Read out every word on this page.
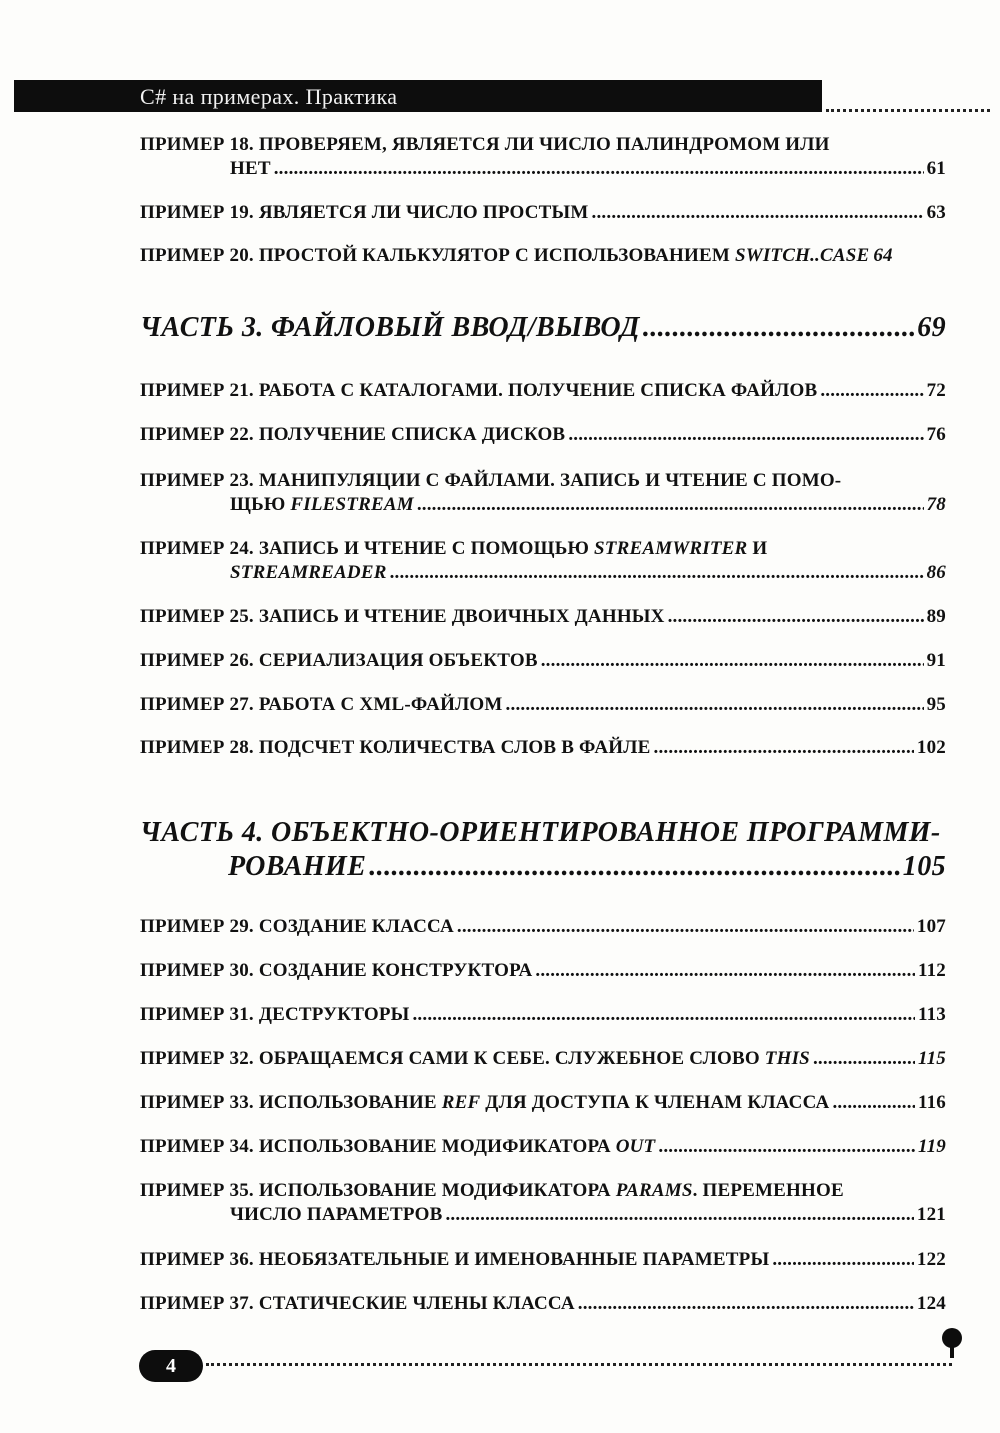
C# на примерах. Практика
ПРИМЕР 18. ПРОВЕРЯЕМ, ЯВЛЯЕТСЯ ЛИ ЧИСЛО ПАЛИНДРОМОМ ИЛИ
НЕТ .....	61
ПРИМЕР 19. ЯВЛЯЕТСЯ ЛИ ЧИСЛО ПРОСТЫМ .....	63
ПРИМЕР 20. ПРОСТОЙ КАЛЬКУЛЯТОР С ИСПОЛЬЗОВАНИЕМ SWITCH..CASE 64
ЧАСТЬ 3. ФАЙЛОВЫЙ ВВОД/ВЫВОД .....	69
ПРИМЕР 21. РАБОТА С КАТАЛОГАМИ. ПОЛУЧЕНИЕ СПИСКА ФАЙЛОВ .....	72
ПРИМЕР 22. ПОЛУЧЕНИЕ СПИСКА ДИСКОВ .....	76
ПРИМЕР 23. МАНИПУЛЯЦИИ С ФАЙЛАМИ. ЗАПИСЬ И ЧТЕНИЕ С ПОМО-
ЩЬЮ FILESTREAM .....	78
ПРИМЕР 24. ЗАПИСЬ И ЧТЕНИЕ С ПОМОЩЬЮ STREAMWRITER И
STREAMREADER .....	86
ПРИМЕР 25. ЗАПИСЬ И ЧТЕНИЕ ДВОИЧНЫХ ДАННЫХ .....	89
ПРИМЕР 26. СЕРИАЛИЗАЦИЯ ОБЪЕКТОВ .....	91
ПРИМЕР 27. РАБОТА С XML-ФАЙЛОМ .....	95
ПРИМЕР 28. ПОДСЧЕТ КОЛИЧЕСТВА СЛОВ В ФАЙЛЕ .....	102
ЧАСТЬ 4. ОБЪЕКТНО-ОРИЕНТИРОВАННОЕ ПРОГРАММИ-
РОВАНИЕ .....	105
ПРИМЕР 29. СОЗДАНИЕ КЛАССА .....	107
ПРИМЕР 30. СОЗДАНИЕ КОНСТРУКТОРА .....	112
ПРИМЕР 31. ДЕСТРУКТОРЫ .....	113
ПРИМЕР 32. ОБРАЩАЕМСЯ САМИ К СЕБЕ. СЛУЖЕБНОЕ СЛОВО THIS .....	115
ПРИМЕР 33. ИСПОЛЬЗОВАНИЕ REF ДЛЯ ДОСТУПА К ЧЛЕНАМ КЛАССА .....	116
ПРИМЕР 34. ИСПОЛЬЗОВАНИЕ МОДИФИКАТОРА OUT .....	119
ПРИМЕР 35. ИСПОЛЬЗОВАНИЕ МОДИФИКАТОРА PARAMS . ПЕРЕМЕННОЕ
ЧИСЛО ПАРАМЕТРОВ .....	121
ПРИМЕР 36. НЕОБЯЗАТЕЛЬНЫЕ И ИМЕНОВАННЫЕ ПАРАМЕТРЫ .....	122
ПРИМЕР 37. СТАТИЧЕСКИЕ ЧЛЕНЫ КЛАССА .....	124
4
